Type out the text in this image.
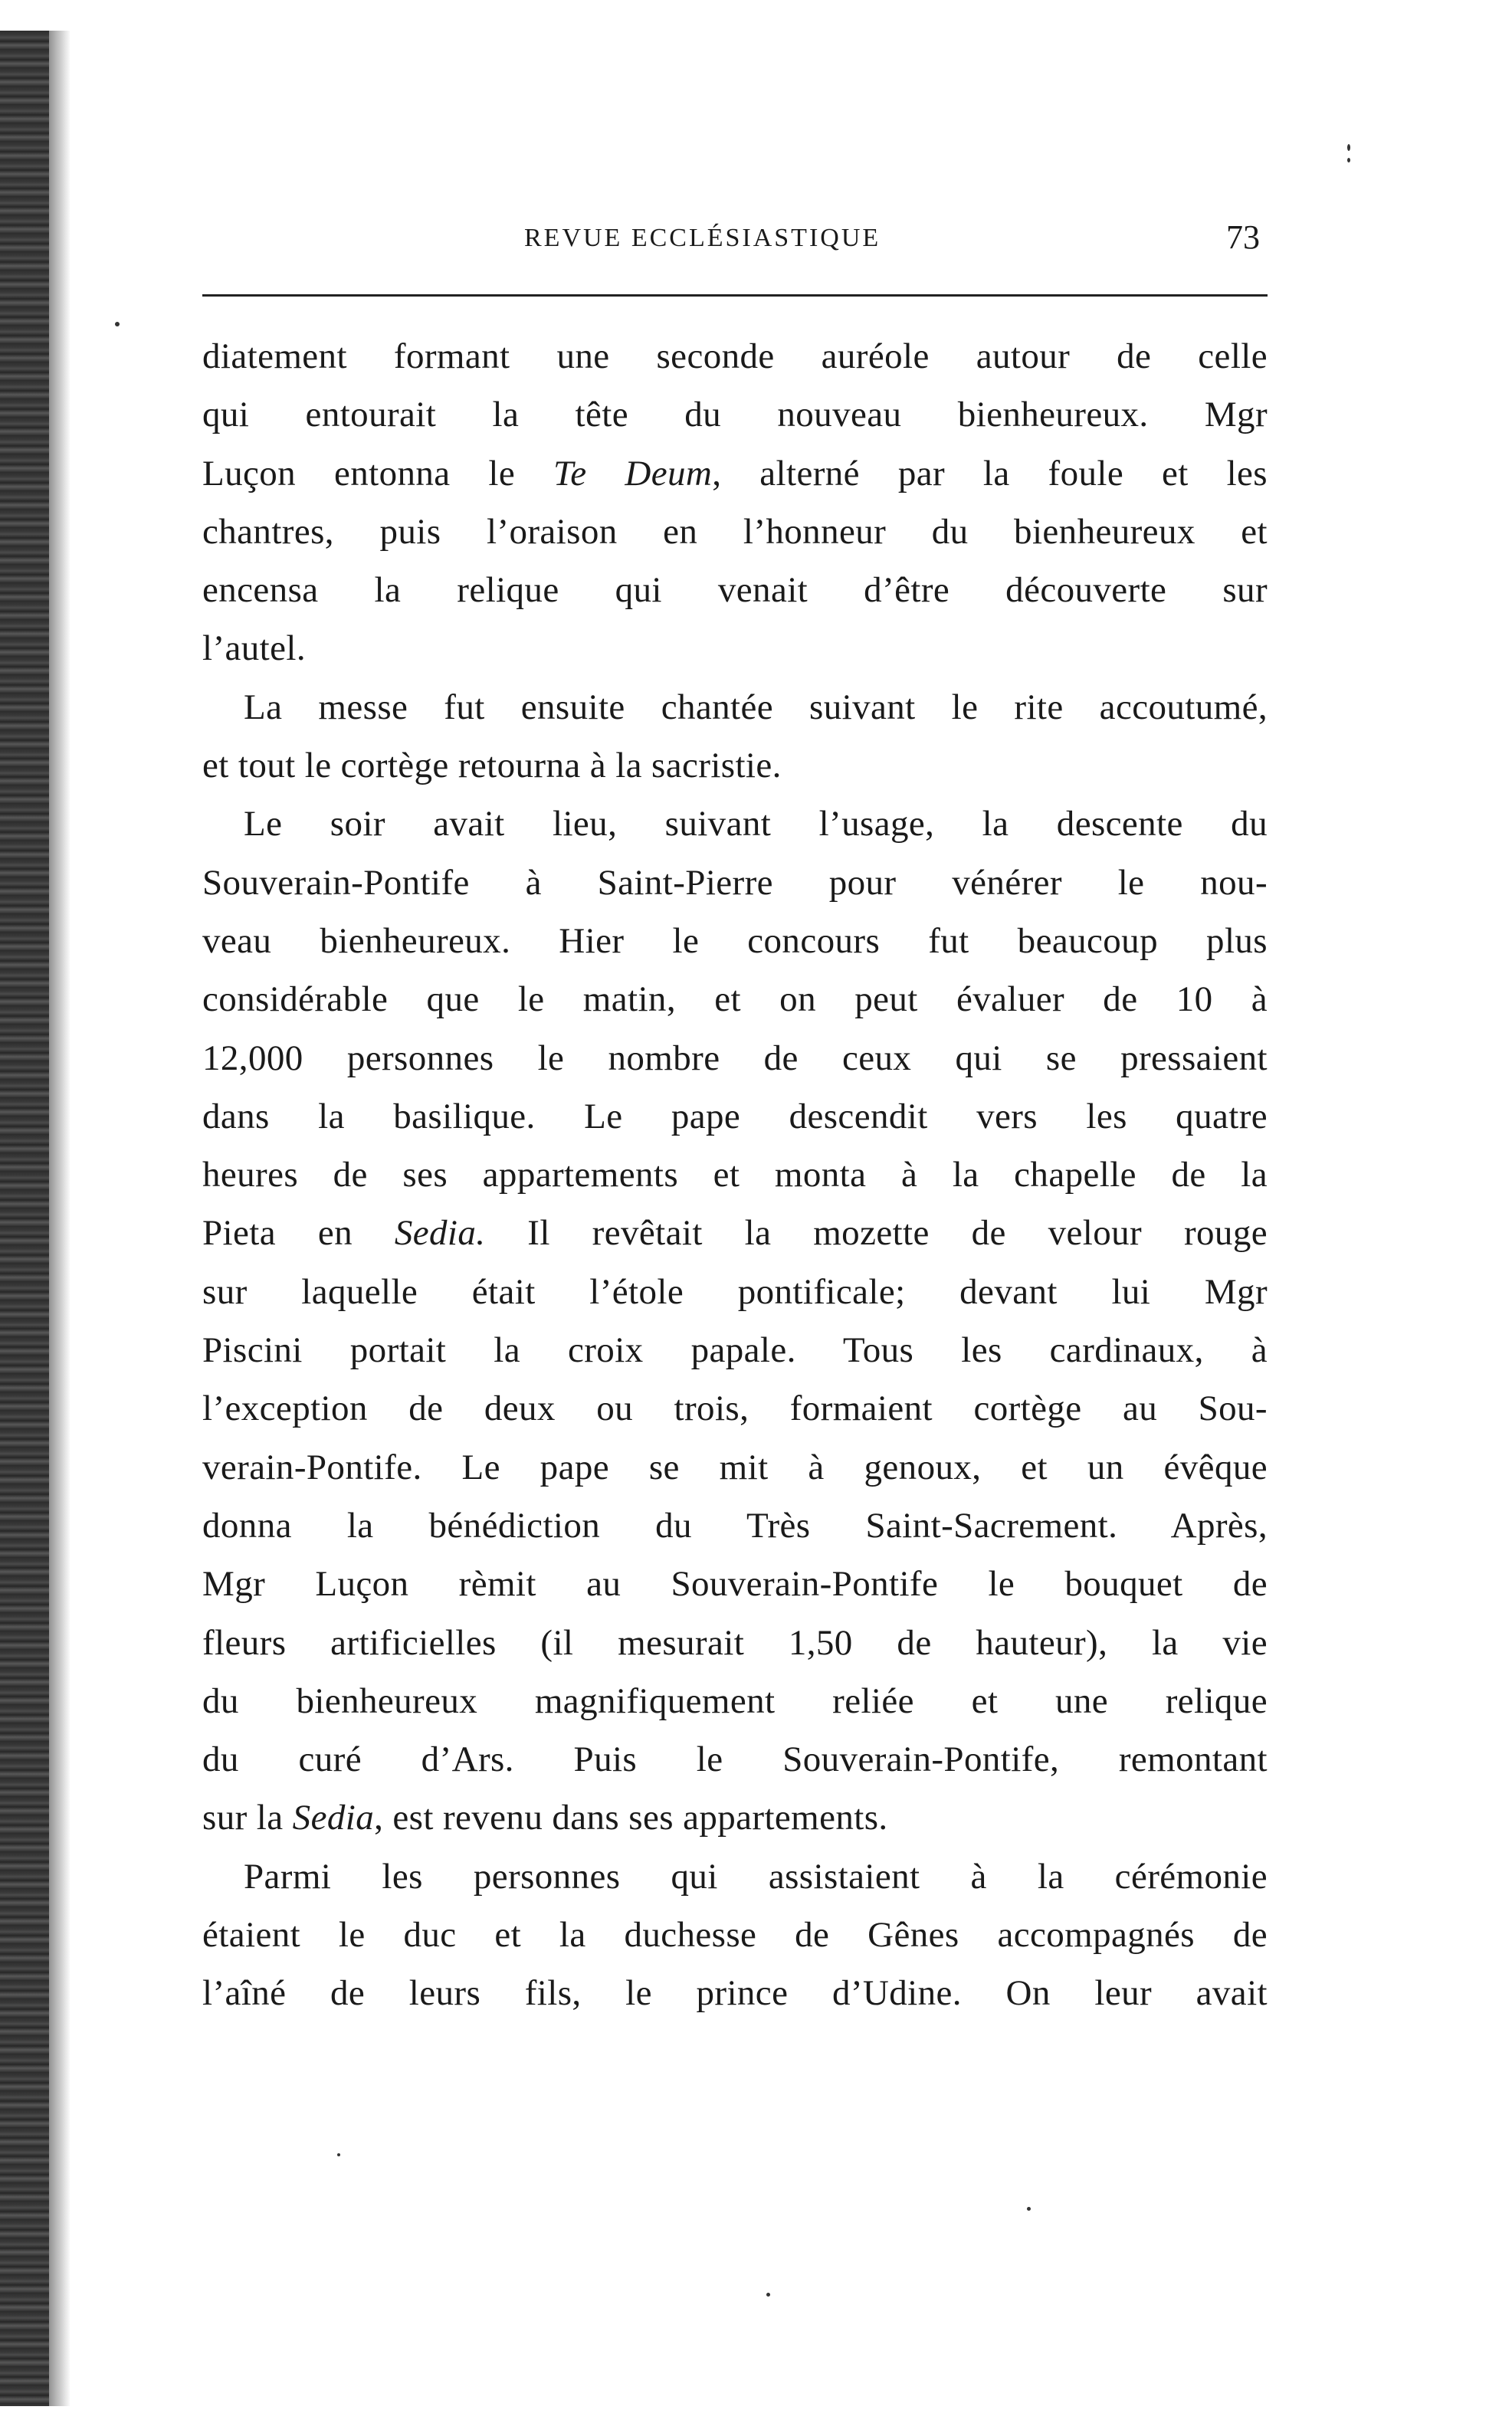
REVUE ECCLÉSIASTIQUE	73
diatement formant une seconde auréole autour de celle
qui entourait la tête du nouveau bienheureux. Mgr
Luçon entonna le Te Deum, alterné par la foule et les
chantres, puis l’oraison en l’honneur du bienheureux et
encensa la relique qui venait d’être découverte sur
l’autel.
La messe fut ensuite chantée suivant le rite accoutumé,
et tout le cortège retourna à la sacristie.
Le soir avait lieu, suivant l’usage, la descente du
Souverain-Pontife à Saint-Pierre pour vénérer le nou-
veau bienheureux. Hier le concours fut beaucoup plus
considérable que le matin, et on peut évaluer de 10 à
12,000 personnes le nombre de ceux qui se pressaient
dans la basilique. Le pape descendit vers les quatre
heures de ses appartements et monta à la chapelle de la
Pieta en Sedia. Il revêtait la mozette de velour rouge
sur laquelle était l’étole pontificale; devant lui Mgr
Piscini portait la croix papale. Tous les cardinaux, à
l’exception de deux ou trois, formaient cortège au Sou-
verain-Pontife. Le pape se mit à genoux, et un évêque
donna la bénédiction du Très Saint-Sacrement. Après,
Mgr Luçon rèmit au Souverain-Pontife le bouquet de
fleurs artificielles (il mesurait 1,50 de hauteur), la vie
du bienheureux magnifiquement reliée et une relique
du curé d’Ars. Puis le Souverain-Pontife, remontant
sur la Sedia, est revenu dans ses appartements.
Parmi les personnes qui assistaient à la cérémonie
étaient le duc et la duchesse de Gênes accompagnés de
l’aîné de leurs fils, le prince d’Udine. On leur avait
